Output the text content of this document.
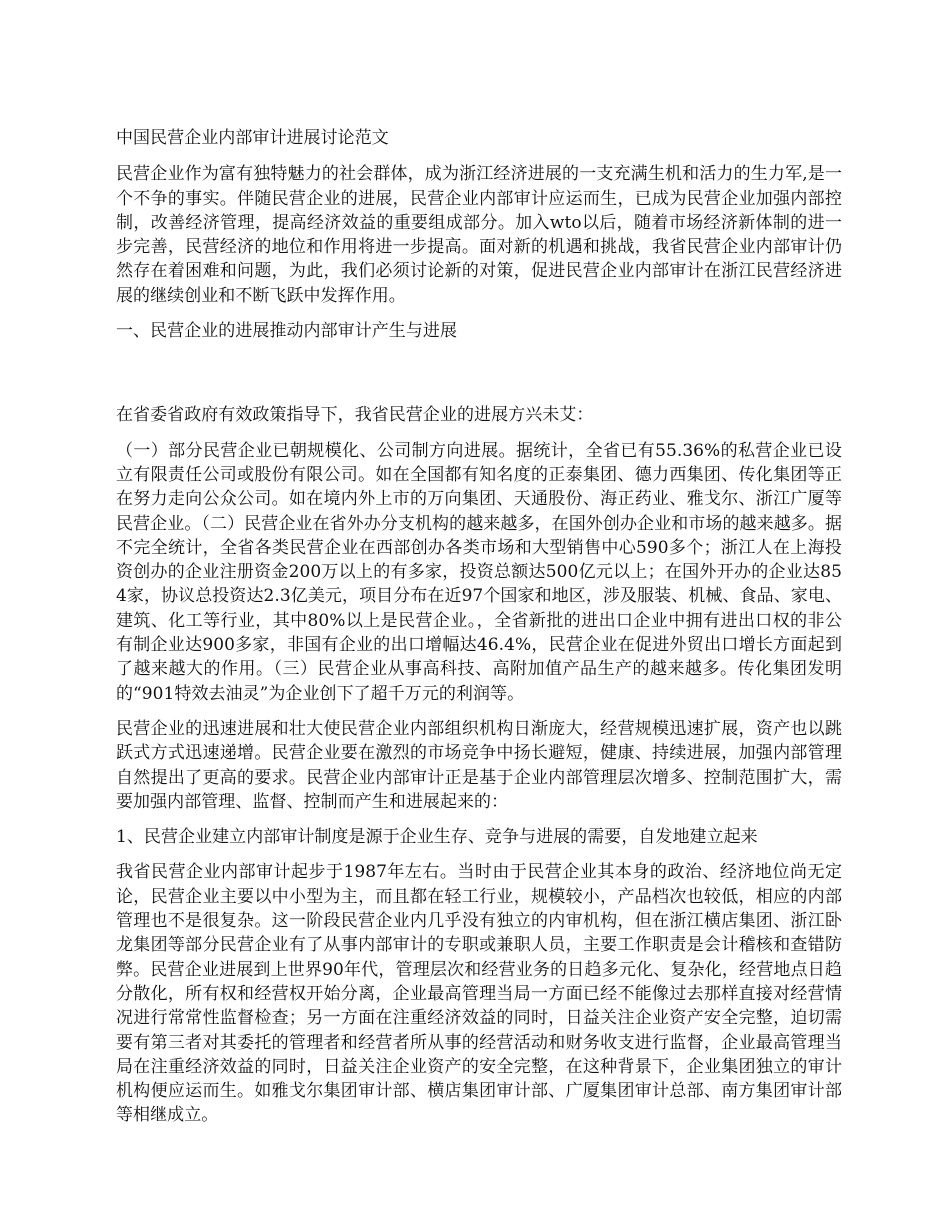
中国民营企业内部审计进展讨论范文

民营企业作为富有独特魅力的社会群体，成为浙江经济进展的一支充满生机和活力的生力军,是一个不争的事实。伴随民营企业的进展，民营企业内部审计应运而生，已成为民营企业加强内部控制，改善经济管理，提高经济效益的重要组成部分。加入wto以后，随着市场经济新体制的进一步完善，民营经济的地位和作用将进一步提高。面对新的机遇和挑战，我省民营企业内部审计仍然存在着困难和问题，为此，我们必须讨论新的对策，促进民营企业内部审计在浙江民营经济进展的继续创业和不断飞跃中发挥作用。

一、民营企业的进展推动内部审计产生与进展

在省委省政府有效政策指导下，我省民营企业的进展方兴未艾：

（一）部分民营企业已朝规模化、公司制方向进展。据统计，全省已有55.36%的私营企业已设立有限责任公司或股份有限公司。如在全国都有知名度的正泰集团、德力西集团、传化集团等正在努力走向公众公司。如在境内外上市的万向集团、天通股份、海正药业、雅戈尔、浙江广厦等民营企业。（二）民营企业在省外办分支机构的越来越多，在国外创办企业和市场的越来越多。据不完全统计，全省各类民营企业在西部创办各类市场和大型销售中心590多个；浙江人在上海投资创办的企业注册资金200万以上的有多家，投资总额达500亿元以上；在国外开办的企业达854家，协议总投资达2.3亿美元，项目分布在近97个国家和地区，涉及服装、机械、食品、家电、建筑、化工等行业，其中80%以上是民营企业。，全省新批的进出口企业中拥有进出口权的非公有制企业达900多家，非国有企业的出口增幅达46.4%，民营企业在促进外贸出口增长方面起到了越来越大的作用。（三）民营企业从事高科技、高附加值产品生产的越来越多。传化集团发明的“901特效去油灵”为企业创下了超千万元的利润等。

民营企业的迅速进展和壮大使民营企业内部组织机构日渐庞大，经营规模迅速扩展，资产也以跳跃式方式迅速递增。民营企业要在激烈的市场竞争中扬长避短，健康、持续进展，加强内部管理自然提出了更高的要求。民营企业内部审计正是基于企业内部管理层次增多、控制范围扩大，需要加强内部管理、监督、控制而产生和进展起来的：

1、民营企业建立内部审计制度是源于企业生存、竞争与进展的需要，自发地建立起来

我省民营企业内部审计起步于1987年左右。当时由于民营企业其本身的政治、经济地位尚无定论，民营企业主要以中小型为主，而且都在轻工行业，规模较小，产品档次也较低，相应的内部管理也不是很复杂。这一阶段民营企业内几乎没有独立的内审机构，但在浙江横店集团、浙江卧龙集团等部分民营企业有了从事内部审计的专职或兼职人员，主要工作职责是会计稽核和查错防弊。民营企业进展到上世界90年代，管理层次和经营业务的日趋多元化、复杂化，经营地点日趋分散化，所有权和经营权开始分离，企业最高管理当局一方面已经不能像过去那样直接对经营情况进行常常性监督检查；另一方面在注重经济效益的同时，日益关注企业资产安全完整，迫切需要有第三者对其委托的管理者和经营者所从事的经营活动和财务收支进行监督，企业最高管理当局在注重经济效益的同时，日益关注企业资产的安全完整，在这种背景下，企业集团独立的审计机构便应运而生。如雅戈尔集团审计部、横店集团审计部、广厦集团审计总部、南方集团审计部等相继成立。
